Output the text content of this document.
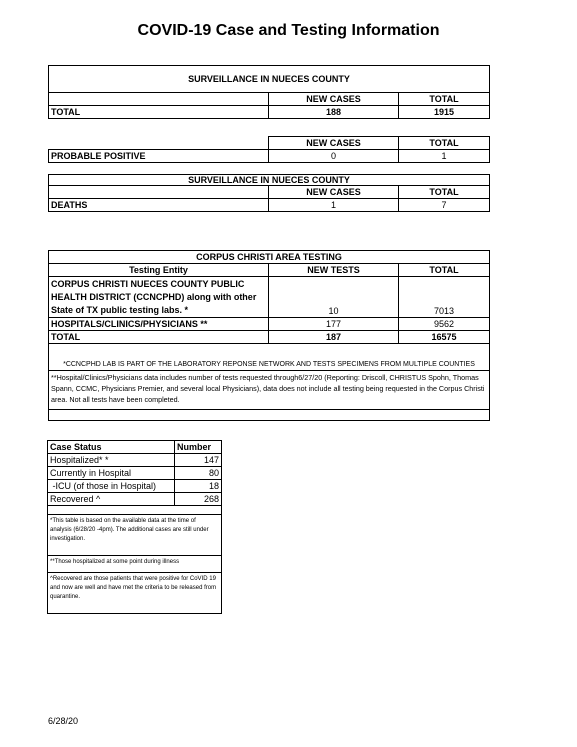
COVID-19 Case and Testing Information
SURVEILLANCE IN NUECES COUNTY		
	NEW CASES	TOTAL
TOTAL	188	1915
	NEW CASES	TOTAL
PROBABLE POSITIVE	0	1
SURVEILLANCE IN NUECES COUNTY		
	NEW CASES	TOTAL
DEATHS	1	7
CORPUS CHRISTI AREA TESTING		
Testing Entity	NEW TESTS	TOTAL
CORPUS CHRISTI NUECES COUNTY PUBLIC HEALTH DISTRICT (CCNCPHD) along with other State of TX public testing labs. *	10	7013
HOSPITALS/CLINICS/PHYSICIANS **	177	9562
TOTAL	187	16575

*CCNCPHD LAB IS PART OF THE LABORATORY REPONSE NETWORK AND TESTS SPECIMENS FROM MULTIPLE COUNTIES		
**Hospital/Clinics/Physicians data includes number of tests requested through6/27/20 (Reporting: Driscoll, CHRISTUS Spohn, Thomas Spann, CCMC, Physicians Premier, and several local Physicians), data does not include all testing being requested in the Corpus Christi area. Not all tests have been completed.		

Case Status	Number
Hospitalized* *	147
Currently in Hospital	80
-ICU (of those in Hospital)	18
Recovered ^	268

*This table is based on the available data at the time of analysis (6/28/20 -4pm). The additional cases are still under investigation.	
**Those hospitalized at some point during illness	
^Recovered are those patients that were positive for CoVID 19 and now are well and have met the criteria to be released from quarantine.	
6/28/20
